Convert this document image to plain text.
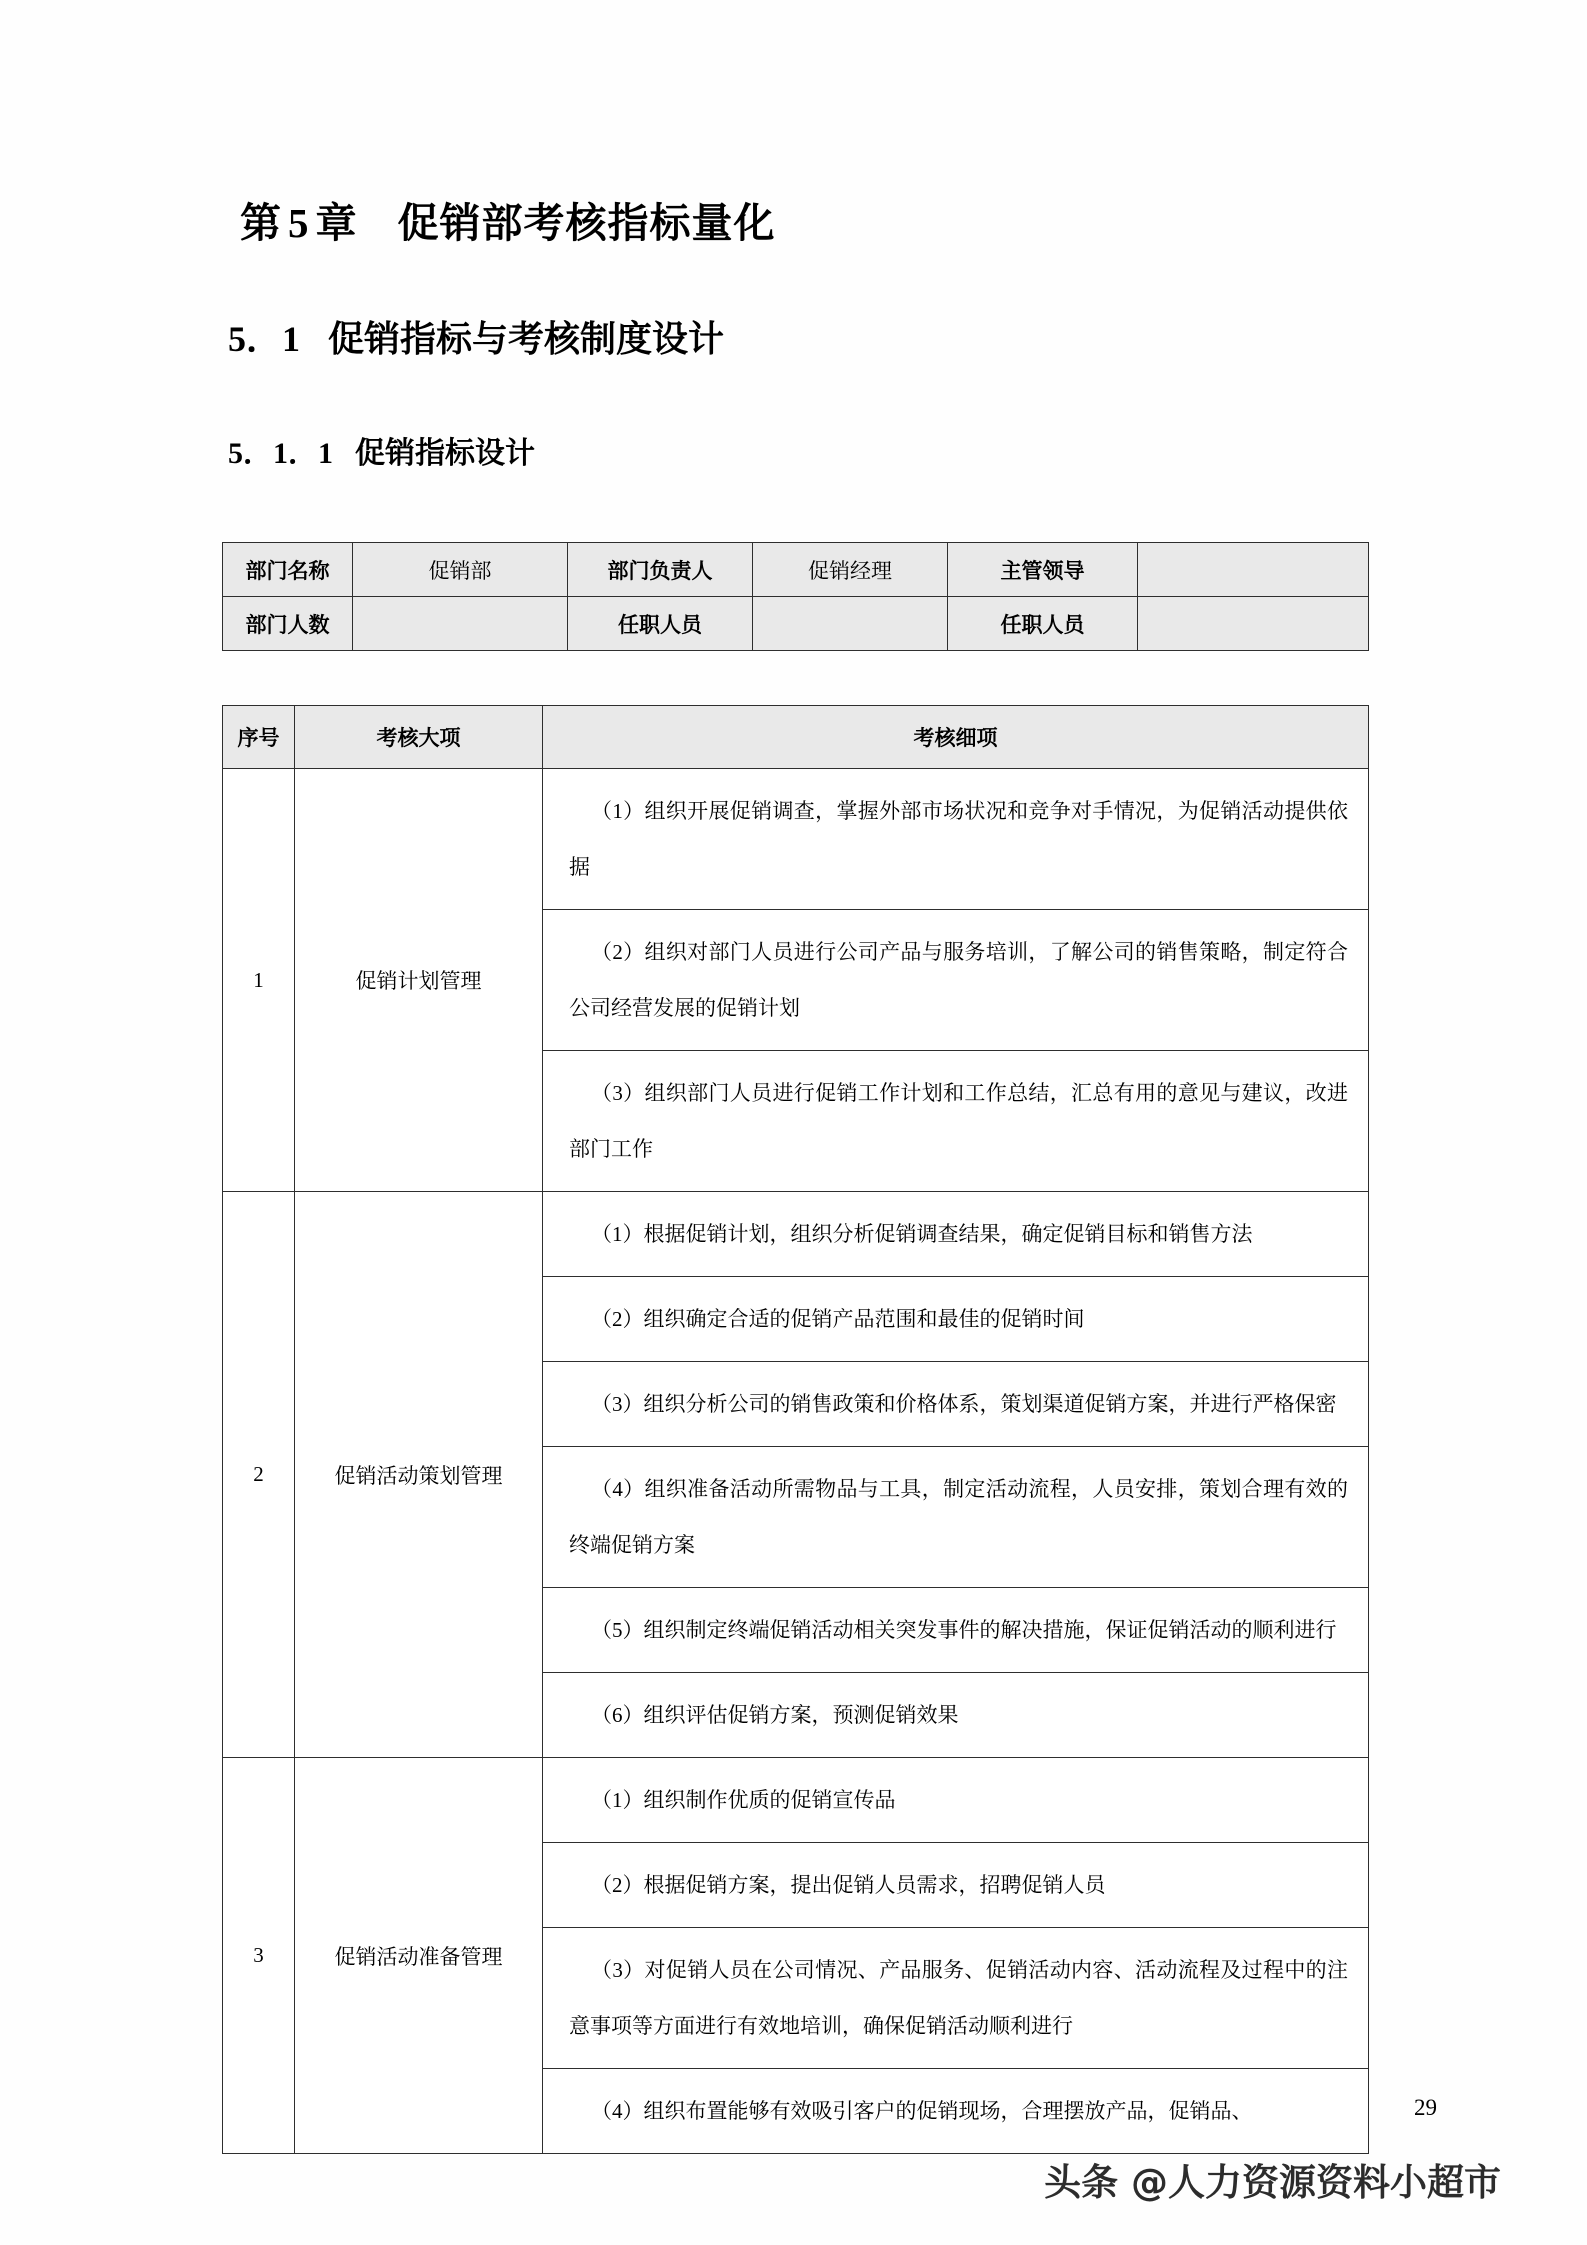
第 5 章 促销部考核指标量化
5．1 促销指标与考核制度设计
5．1．1 促销指标设计
部门名称	促销部	部门负责人	促销经理	主管领导	
部门人数		任职人员		任职人员	
序号	考核大项	考核细项
1	促销计划管理	（1）组织开展促销调查，掌握外部市场状况和竞争对手情况，为促销活动提供依据

		（2）组织对部门人员进行公司产品与服务培训，了解公司的销售策略，制定符合公司经营发展的促销计划

		（3）组织部门人员进行促销工作计划和工作总结，汇总有用的意见与建议，改进部门工作

2	促销活动策划管理	（1）根据促销计划，组织分析促销调查结果，确定促销目标和销售方法

		（2）组织确定合适的促销产品范围和最佳的促销时间

		（3）组织分析公司的销售政策和价格体系，策划渠道促销方案，并进行严格保密

		（4）组织准备活动所需物品与工具，制定活动流程，人员安排，策划合理有效的终端促销方案

		（5）组织制定终端促销活动相关突发事件的解决措施，保证促销活动的顺利进行

		（6）组织评估促销方案，预测促销效果

3	促销活动准备管理	（1）组织制作优质的促销宣传品

		（2）根据促销方案，提出促销人员需求，招聘促销人员

		（3）对促销人员在公司情况、产品服务、促销活动内容、活动流程及过程中的注意事项等方面进行有效地培训，确保促销活动顺利进行

		（4）组织布置能够有效吸引客户的促销现场，合理摆放产品，促销品、	29
头条 @人力资源资料小超市
